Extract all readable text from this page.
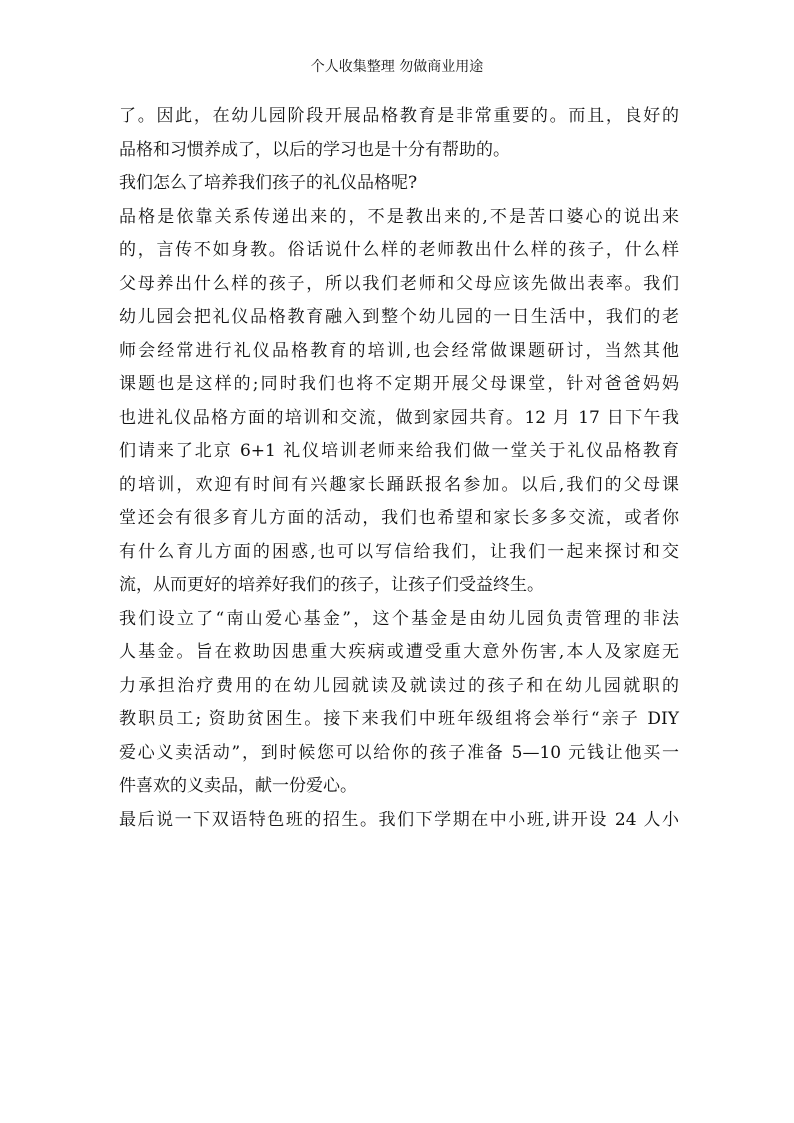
个人收集整理 勿做商业用途
了。因此，在幼儿园阶段开展品格教育是非常重要的。而且，良好的
品格和习惯养成了，以后的学习也是十分有帮助的。
我们怎么了培养我们孩子的礼仪品格呢?
品格是依靠关系传递出来的，不是教出来的,不是苦口婆心的说出来
的，言传不如身教。俗话说什么样的老师教出什么样的孩子，什么样
父母养出什么样的孩子，所以我们老师和父母应该先做出表率。我们
幼儿园会把礼仪品格教育融入到整个幼儿园的一日生活中，我们的老
师会经常进行礼仪品格教育的培训,也会经常做课题研讨，当然其他
课题也是这样的;同时我们也将不定期开展父母课堂，针对爸爸妈妈
也进礼仪品格方面的培训和交流，做到家园共育。12 月 17 日下午我
们请来了北京 6+1 礼仪培训老师来给我们做一堂关于礼仪品格教育
的培训，欢迎有时间有兴趣家长踊跃报名参加。以后,我们的父母课
堂还会有很多育儿方面的活动，我们也希望和家长多多交流，或者你
有什么育儿方面的困惑,也可以写信给我们，让我们一起来探讨和交
流，从而更好的培养好我们的孩子，让孩子们受益终生。
我们设立了“南山爱心基金”，这个基金是由幼儿园负责管理的非法
人基金。旨在救助因患重大疾病或遭受重大意外伤害,本人及家庭无
力承担治疗费用的在幼儿园就读及就读过的孩子和在幼儿园就职的
教职员工; 资助贫困生。接下来我们中班年级组将会举行“亲子 DIY
爱心义卖活动”，到时候您可以给你的孩子准备 5—10 元钱让他买一
件喜欢的义卖品，献一份爱心。
最后说一下双语特色班的招生。我们下学期在中小班,讲开设 24 人小
